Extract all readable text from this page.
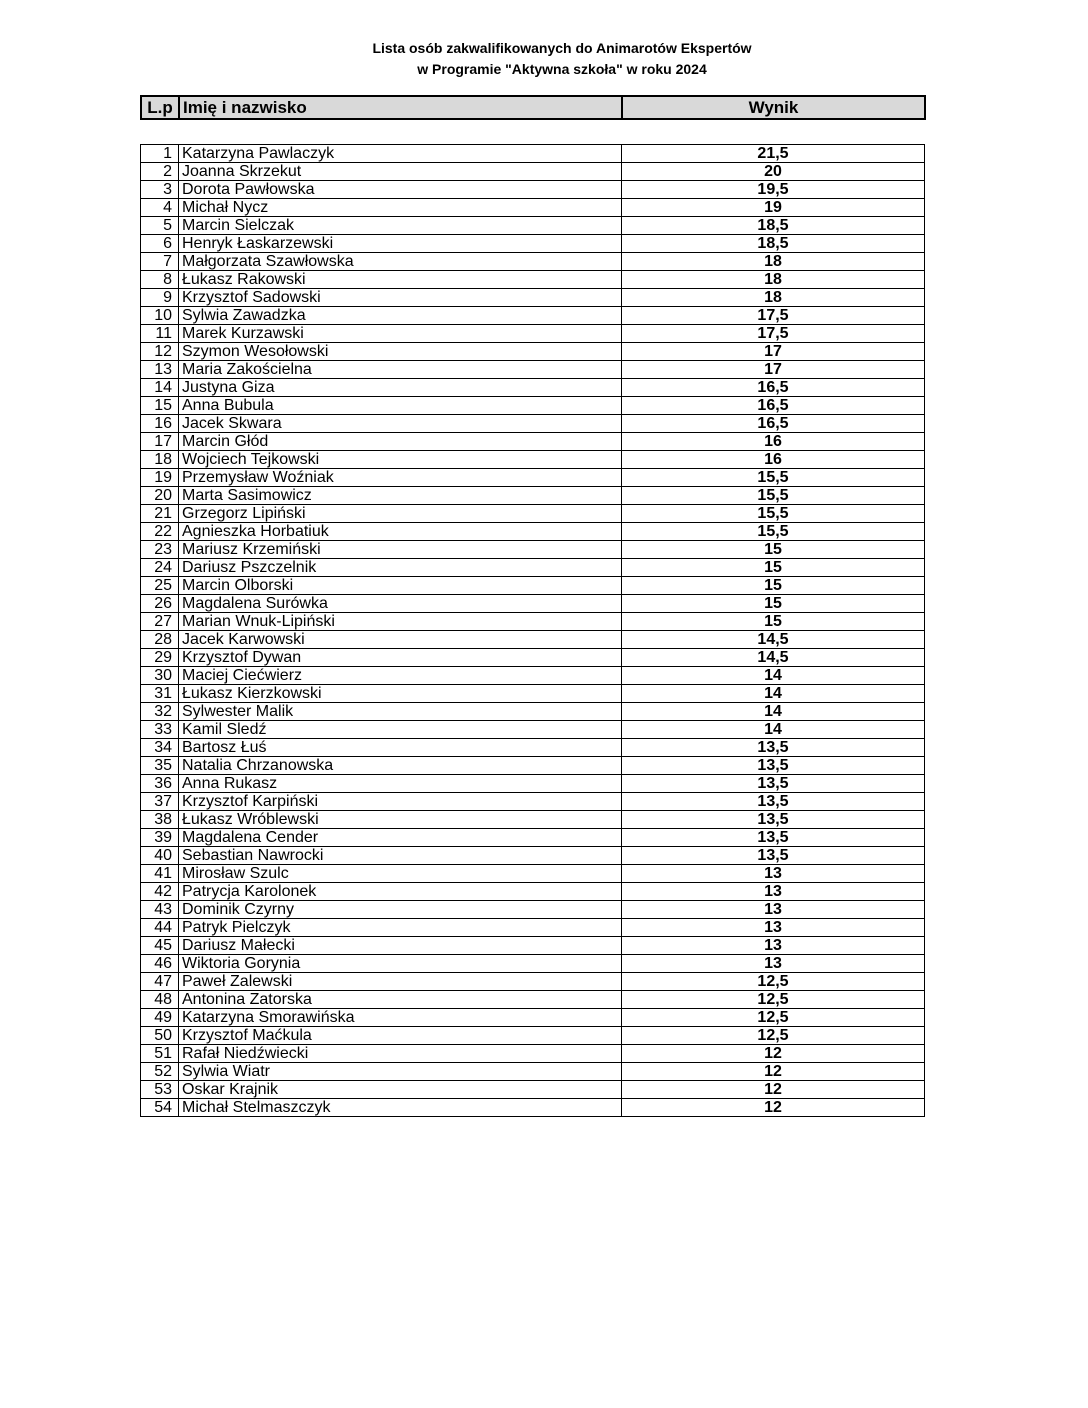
Lista osób zakwalifikowanych do Animarotów Ekspertów
w Programie "Aktywna szkoła" w roku 2024
L.p	Imię i nazwisko	Wynik
1	Katarzyna Pawlaczyk	21,5
2	Joanna Skrzekut	20
3	Dorota Pawłowska	19,5
4	Michał Nycz	19
5	Marcin Sielczak	18,5
6	Henryk Łaskarzewski	18,5
7	Małgorzata Szawłowska	18
8	Łukasz Rakowski	18
9	Krzysztof Sadowski	18
10	Sylwia Zawadzka	17,5
11	Marek Kurzawski	17,5
12	Szymon Wesołowski	17
13	Maria Zakościelna	17
14	Justyna Giza	16,5
15	Anna Bubula	16,5
16	Jacek Skwara	16,5
17	Marcin Głód	16
18	Wojciech Tejkowski	16
19	Przemysław Woźniak	15,5
20	Marta Sasimowicz	15,5
21	Grzegorz Lipiński	15,5
22	Agnieszka Horbatiuk	15,5
23	Mariusz Krzemiński	15
24	Dariusz Pszczelnik	15
25	Marcin Olborski	15
26	Magdalena Surówka	15
27	Marian Wnuk-Lipiński	15
28	Jacek Karwowski	14,5
29	Krzysztof Dywan	14,5
30	Maciej Ciećwierz	14
31	Łukasz Kierzkowski	14
32	Sylwester Malik	14
33	Kamil Sledź	14
34	Bartosz Łuś	13,5
35	Natalia Chrzanowska	13,5
36	Anna Rukasz	13,5
37	Krzysztof Karpiński	13,5
38	Łukasz Wróblewski	13,5
39	Magdalena Cender	13,5
40	Sebastian Nawrocki	13,5
41	Mirosław Szulc	13
42	Patrycja Karolonek	13
43	Dominik Czyrny	13
44	Patryk Pielczyk	13
45	Dariusz Małecki	13
46	Wiktoria Gorynia	13
47	Paweł Zalewski	12,5
48	Antonina Zatorska	12,5
49	Katarzyna Smorawińska	12,5
50	Krzysztof Maćkula	12,5
51	Rafał Niedźwiecki	12
52	Sylwia Wiatr	12
53	Oskar Krajnik	12
54	Michał Stelmaszczyk	12
